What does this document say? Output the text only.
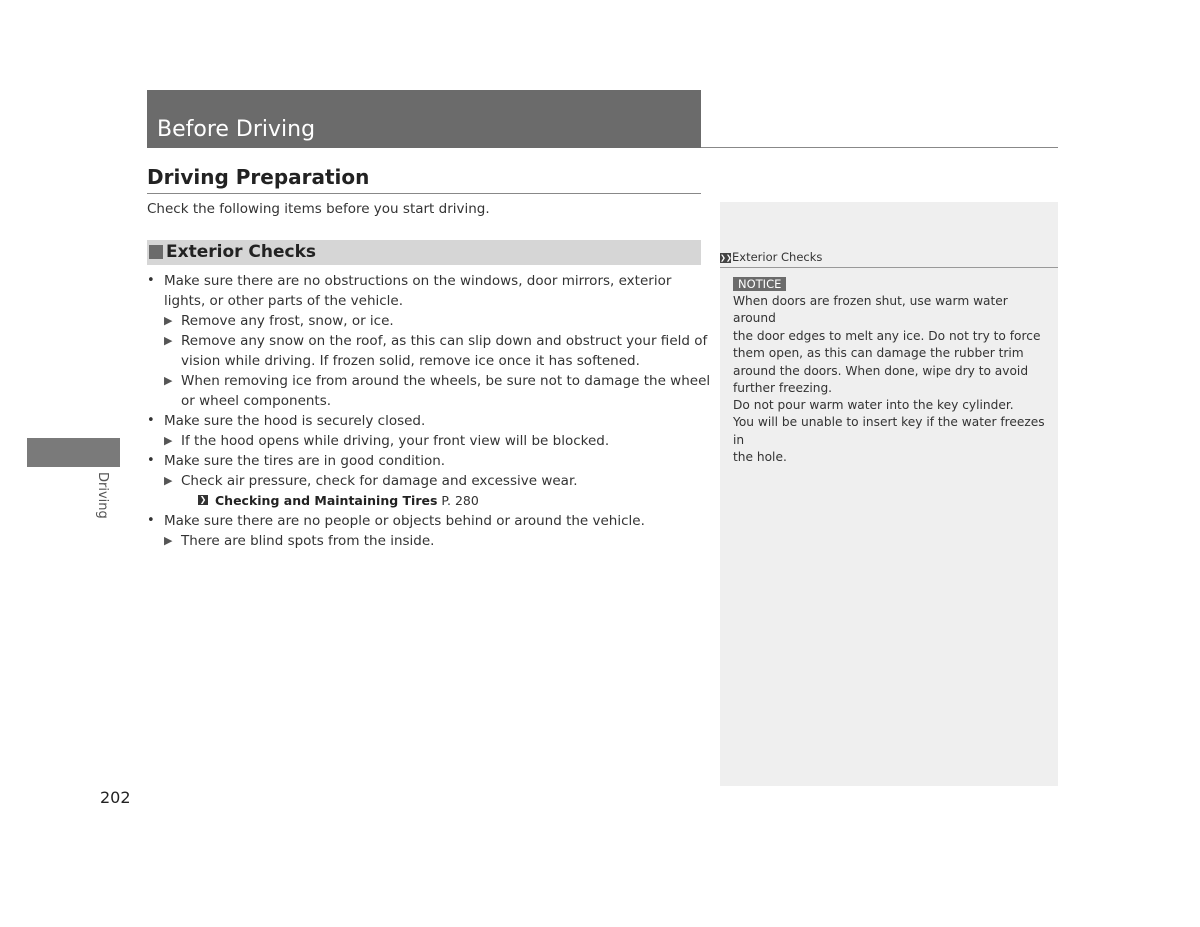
Before Driving
Driving Preparation
Check the following items before you start driving.
Exterior Checks
• Make sure there are no obstructions on the windows, door mirrors, exterior
lights, or other parts of the vehicle.
▶ Remove any frost, snow, or ice.
▶ Remove any snow on the roof, as this can slip down and obstruct your field of
vision while driving. If frozen solid, remove ice once it has softened.
▶ When removing ice from around the wheels, be sure not to damage the wheel
or wheel components.
• Make sure the hood is securely closed.
▶ If the hood opens while driving, your front view will be blocked.
• Make sure the tires are in good condition.
▶ Check air pressure, check for damage and excessive wear.
❯ Checking and Maintaining Tires P. 280
• Make sure there are no people or objects behind or around the vehicle.
▶ There are blind spots from the inside.
❯❯Exterior Checks
NOTICE
When doors are frozen shut, use warm water around
the door edges to melt any ice. Do not try to force
them open, as this can damage the rubber trim
around the doors. When done, wipe dry to avoid
further freezing.
Do not pour warm water into the key cylinder.
You will be unable to insert key if the water freezes in
the hole.
Driving
202
